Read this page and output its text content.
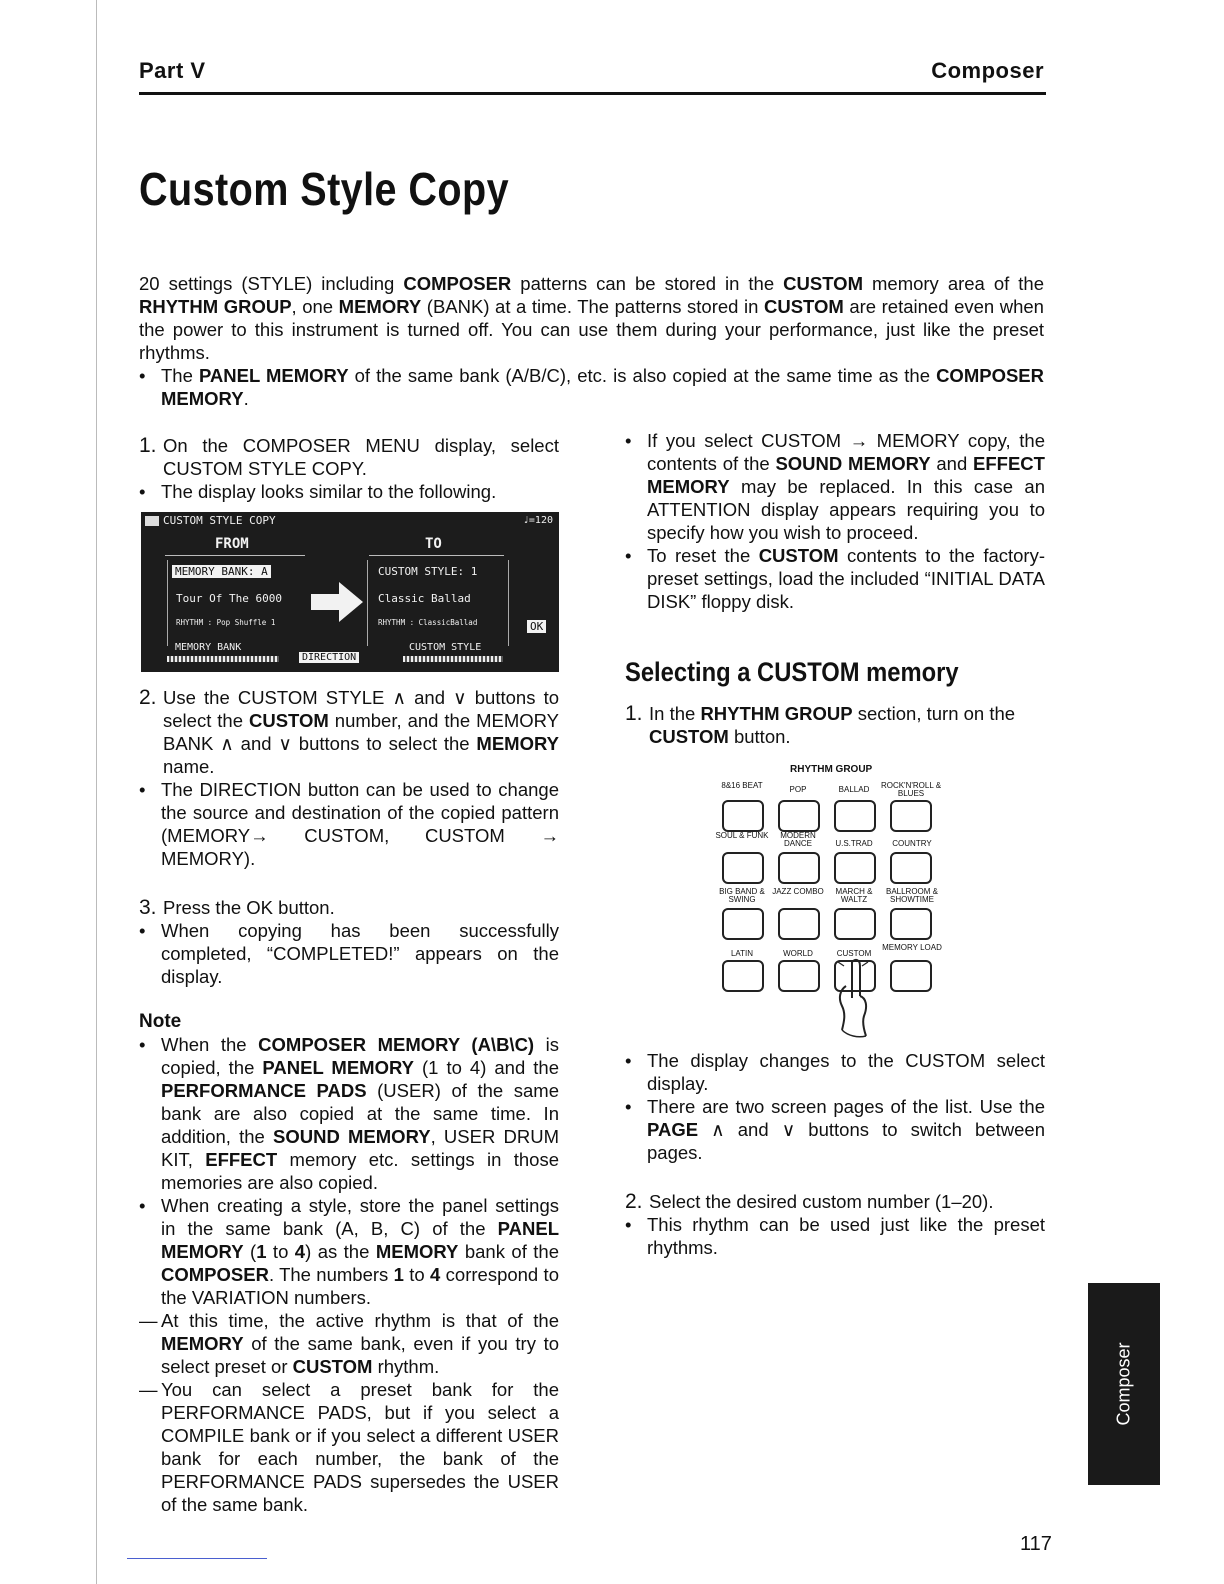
Part V	Composer
Custom Style Copy
20 settings (STYLE) including COMPOSER patterns can be stored in the CUSTOM memory area of the RHYTHM GROUP, one MEMORY (BANK) at a time. The patterns stored in CUSTOM are retained even when the power to this instrument is turned off. You can use them during your performance, just like the preset rhythms.
• The PANEL MEMORY of the same bank (A/B/C), etc. is also copied at the same time as the COMPOSER MEMORY.
1. On the COMPOSER MENU display, select CUSTOM STYLE COPY.
• The display looks similar to the following.
CUSTOM STYLE COPY	♩=120
FROM	TO
MEMORY BANK: A
Tour Of The 6000
RHYTHM : Pop Shuffle 1
CUSTOM STYLE: 1
Classic Ballad
RHYTHM : ClassicBallad	OK
MEMORY BANK
DIRECTION
CUSTOM STYLE
2. Use the CUSTOM STYLE ∧ and ∨ buttons to select the CUSTOM number, and the MEMORY BANK ∧ and ∨ buttons to select the MEMORY name.
• The DIRECTION button can be used to change the source and destination of the copied pattern (MEMORY→ CUSTOM, CUSTOM → MEMORY).
3. Press the OK button.
• When copying has been successfully completed, “COMPLETED!” appears on the display.
Note
• When the COMPOSER MEMORY (A\B\C) is copied, the PANEL MEMORY (1 to 4) and the PERFORMANCE PADS (USER) of the same bank are also copied at the same time. In addition, the SOUND MEMORY, USER DRUM KIT, EFFECT memory etc. settings in those memories are also copied.
• When creating a style, store the panel settings in the same bank (A, B, C) of the PANEL MEMORY (1 to 4) as the MEMORY bank of the COMPOSER. The numbers 1 to 4 correspond to the VARIATION numbers.
— At this time, the active rhythm is that of the MEMORY of the same bank, even if you try to select preset or CUSTOM rhythm.
— You can select a preset bank for the PERFORMANCE PADS, but if you select a COMPILE bank or if you select a different USER bank for each number, the bank of the PERFORMANCE PADS supersedes the USER of the same bank.
• If you select CUSTOM → MEMORY copy, the contents of the SOUND MEMORY and EFFECT MEMORY may be replaced. In this case an ATTENTION display appears requiring you to specify how you wish to proceed.
• To reset the CUSTOM contents to the factory-preset settings, load the included “INITIAL DATA DISK” floppy disk.
Selecting a CUSTOM memory
1. In the RHYTHM GROUP section, turn on the CUSTOM button.
RHYTHM GROUP
8&16 BEAT	POP	BALLAD	ROCK'N'ROLL & BLUES
SOUL & FUNK	MODERN DANCE	U.S.TRAD	COUNTRY
BIG BAND & SWING
JAZZ COMBO	MARCH & WALTZ
BALLROOM & SHOWTIME
LATIN	WORLD	CUSTOM
MEMORY LOAD
• The display changes to the CUSTOM select display.
• There are two screen pages of the list. Use the PAGE ∧ and ∨ buttons to switch between pages.
2. Select the desired custom number (1–20).
• This rhythm can be used just like the preset rhythms.
Composer
117
